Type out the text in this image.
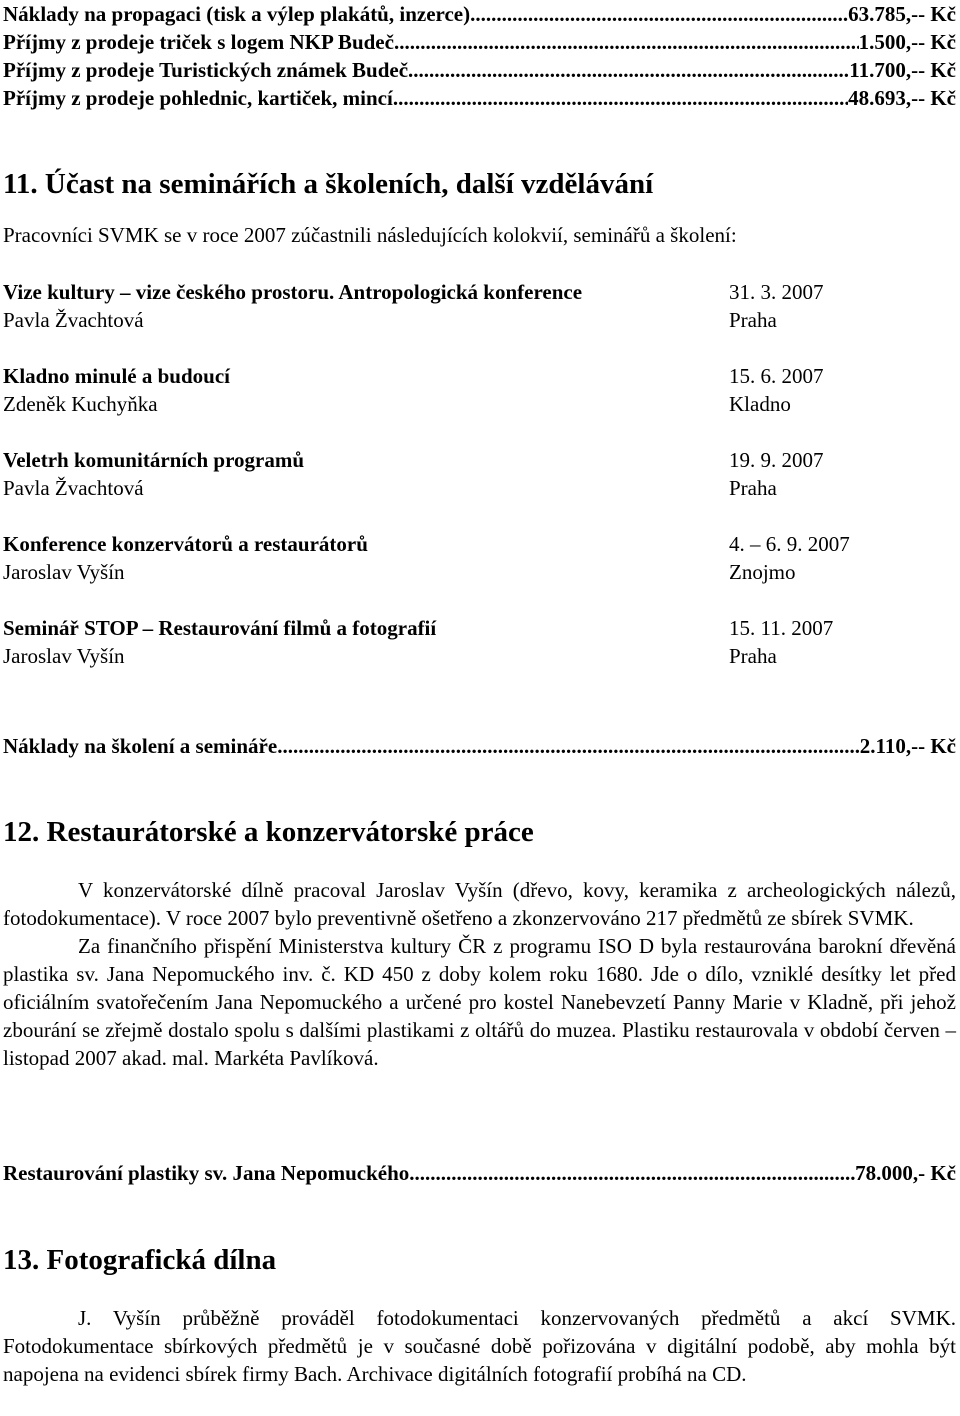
Náklady na propagaci (tisk a výlep plakátů, inzerce) .....	63.785,-- Kč
Příjmy z prodeje triček s logem NKP Budeč .....	1.500,-- Kč
Příjmy z prodeje Turistických známek Budeč .....	11.700,-- Kč
Příjmy z prodeje pohlednic, kartiček, mincí .....	48.693,-- Kč
11. Účast na seminářích a školeních, další vzdělávání
Pracovníci SVMK se v roce 2007 zúčastnili následujících kolokvií, seminářů a školení:
Vize kultury – vize českého prostoru. Antropologická konference	31. 3. 2007
Pavla Žvachtová	Praha
Kladno minulé a budoucí	15. 6. 2007
Zdeněk Kuchyňka	Kladno
Veletrh komunitárních programů	19. 9. 2007
Pavla Žvachtová	Praha
Konference konzervátorů a restaurátorů	4. – 6. 9. 2007
Jaroslav Vyšín	Znojmo
Seminář STOP – Restaurování filmů a fotografií	15. 11. 2007
Jaroslav Vyšín	Praha
Náklady na školení a semináře .....	2.110,-- Kč
12. Restaurátorské a konzervátorské práce

V konzervátorské dílně pracoval Jaroslav Vyšín (dřevo, kovy, keramika z archeologických nálezů, fotodokumentace). V roce 2007 bylo preventivně ošetřeno a zkonzervováno 217 předmětů ze sbírek SVMK.

Za finančního přispění Ministerstva kultury ČR z programu ISO D byla restaurována barokní dřevěná plastika sv. Jana Nepomuckého inv. č. KD 450 z doby kolem roku 1680. Jde o dílo, vzniklé desítky let před oficiálním svatořečením Jana Nepomuckého a určené pro kostel Nanebevzetí Panny Marie v Kladně, při jehož zbourání se zřejmě dostalo spolu s dalšími plastikami z oltářů do muzea. Plastiku restaurovala v období červen – listopad 2007 akad. mal. Markéta Pavlíková.

Restaurování plastiky sv. Jana Nepomuckého .....	78.000,- Kč
13. Fotografická dílna

J. Vyšín průběžně prováděl fotodokumentaci konzervovaných předmětů a akcí SVMK. Fotodokumentace sbírkových předmětů je v současné době pořizována v digitální podobě, aby mohla být napojena na evidenci sbírek firmy Bach. Archivace digitálních fotografií probíhá na CD.
